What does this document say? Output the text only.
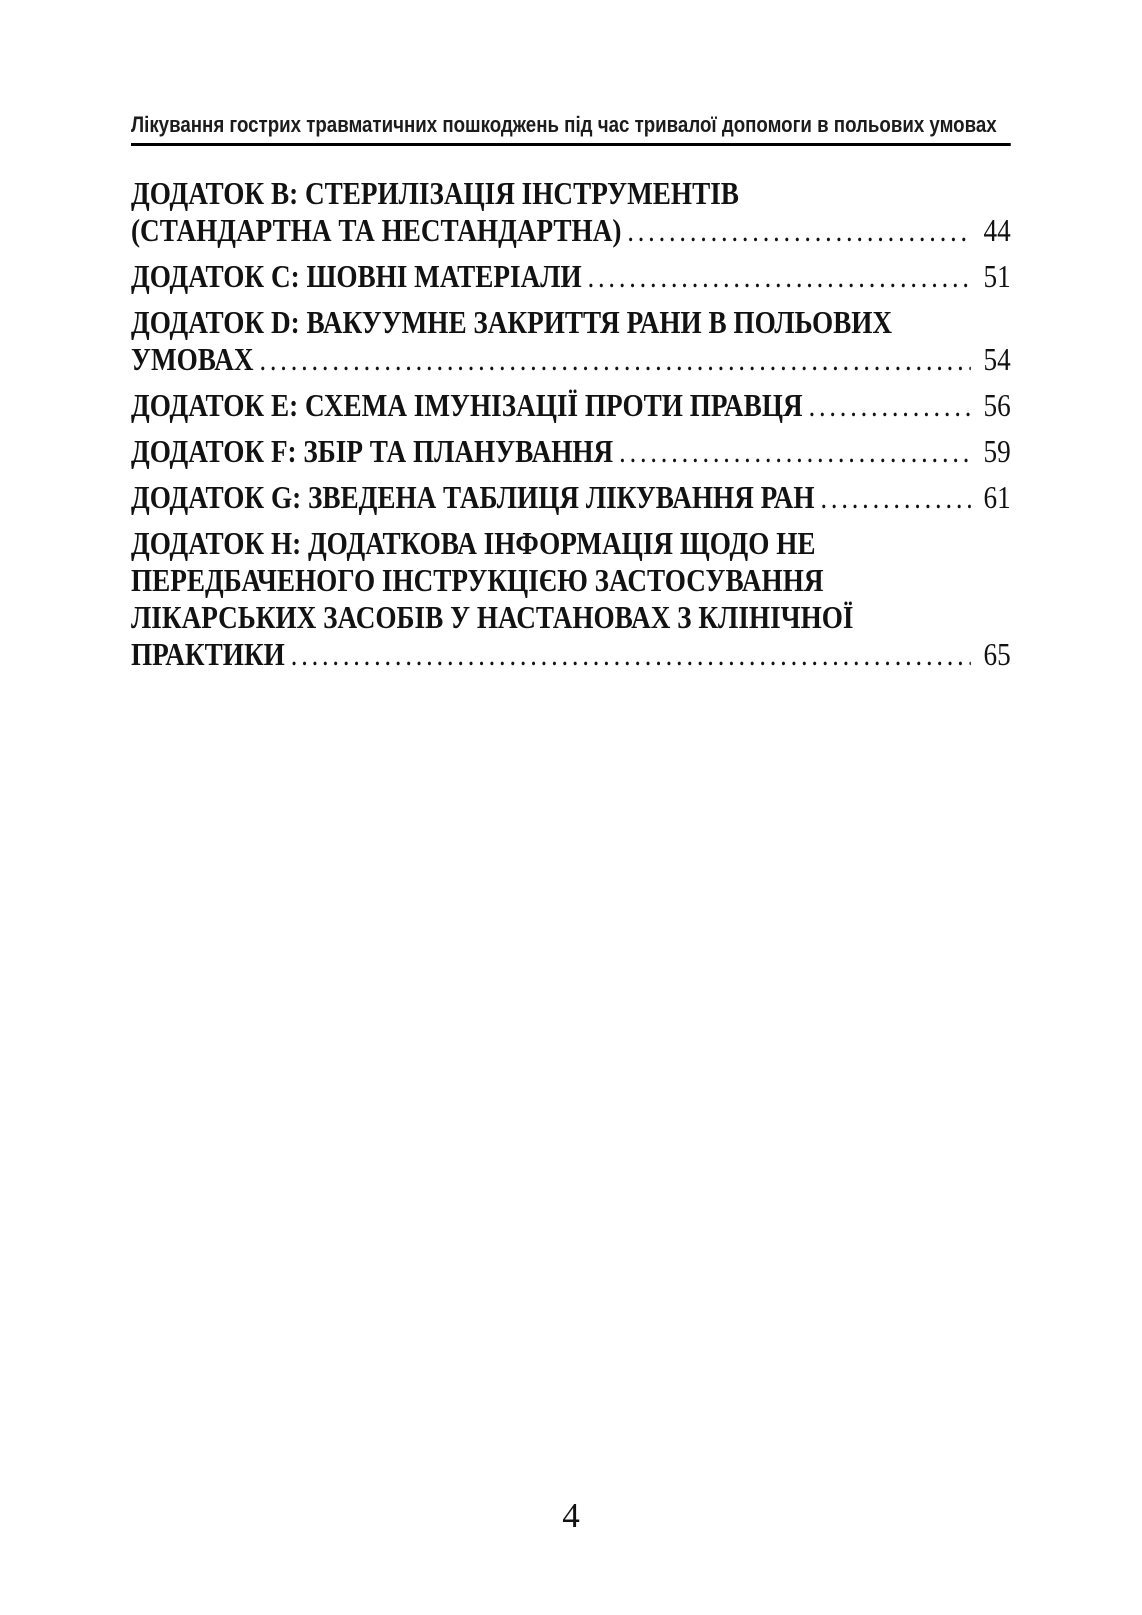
Лікування гострих травматичних пошкоджень під час тривалої допомоги в польових умовах
ДОДАТОК B: СТЕРИЛІЗАЦІЯ ІНСТРУМЕНТІВ
(СТАНДАРТНА ТА НЕСТАНДАРТНА) .....	44
ДОДАТОК C: ШОВНІ МАТЕРІАЛИ .....	51
ДОДАТОК D: ВАКУУМНЕ ЗАКРИТТЯ РАНИ В ПОЛЬОВИХ
УМОВАХ .....	54
ДОДАТОК E: СХЕМА ІМУНІЗАЦІЇ ПРОТИ ПРАВЦЯ .....	56
ДОДАТОК F: ЗБІР ТА ПЛАНУВАННЯ .....	59
ДОДАТОК G: ЗВЕДЕНА ТАБЛИЦЯ ЛІКУВАННЯ РАН .....	61
ДОДАТОК H: ДОДАТКОВА ІНФОРМАЦІЯ ЩОДО НЕ
ПЕРЕДБАЧЕНОГО ІНСТРУКЦІЄЮ ЗАСТОСУВАННЯ
ЛІКАРСЬКИХ ЗАСОБІВ У НАСТАНОВАХ З КЛІНІЧНОЇ
ПРАКТИКИ .....	65
4
